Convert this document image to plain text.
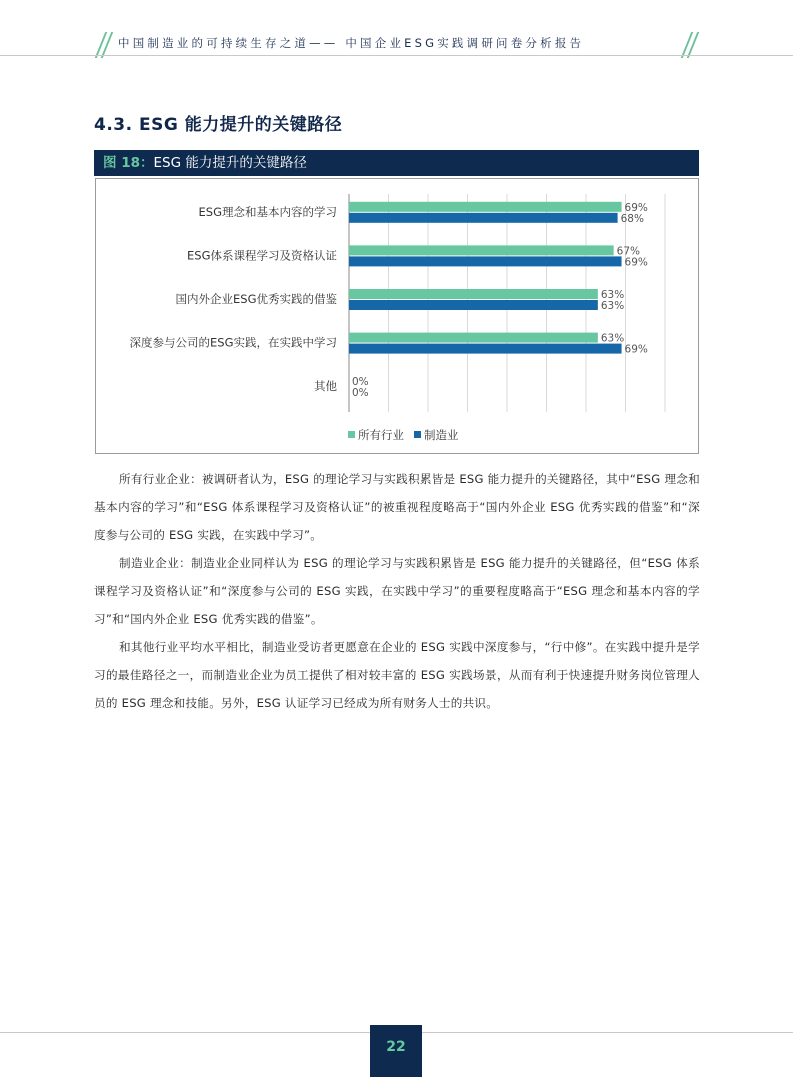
中国制造业的可持续生存之道—— 中国企业ESG实践调研问卷分析报告
4.3. ESG 能力提升的关键路径
图 18：ESG 能力提升的关键路径
ESG理念和基本内容的学习
ESG体系课程学习及资格认证
国内外企业ESG优秀实践的借鉴
深度参与公司的ESG实践，在实践中学习
其他
69%
68%
67%
69%
63%
63%
63%
69%
0%
0%
所有行业 制造业

所有行业企业：被调研者认为，ESG 的理论学习与实践积累皆是 ESG 能力提升的关键路径，其中“ESG 理念和基本内容的学习”和“ESG 体系课程学习及资格认证”的被重视程度略高于“国内外企业 ESG 优秀实践的借鉴”和“深度参与公司的 ESG 实践，在实践中学习”。

制造业企业：制造业企业同样认为 ESG 的理论学习与实践积累皆是 ESG 能力提升的关键路径，但“ESG 体系课程学习及资格认证”和“深度参与公司的 ESG 实践，在实践中学习”的重要程度略高于“ESG 理念和基本内容的学习”和“国内外企业 ESG 优秀实践的借鉴”。

和其他行业平均水平相比，制造业受访者更愿意在企业的 ESG 实践中深度参与，“行中修”。在实践中提升是学习的最佳路径之一，而制造业企业为员工提供了相对较丰富的 ESG 实践场景，从而有利于快速提升财务岗位管理人员的 ESG 理念和技能。另外，ESG 认证学习已经成为所有财务人士的共识。

22
